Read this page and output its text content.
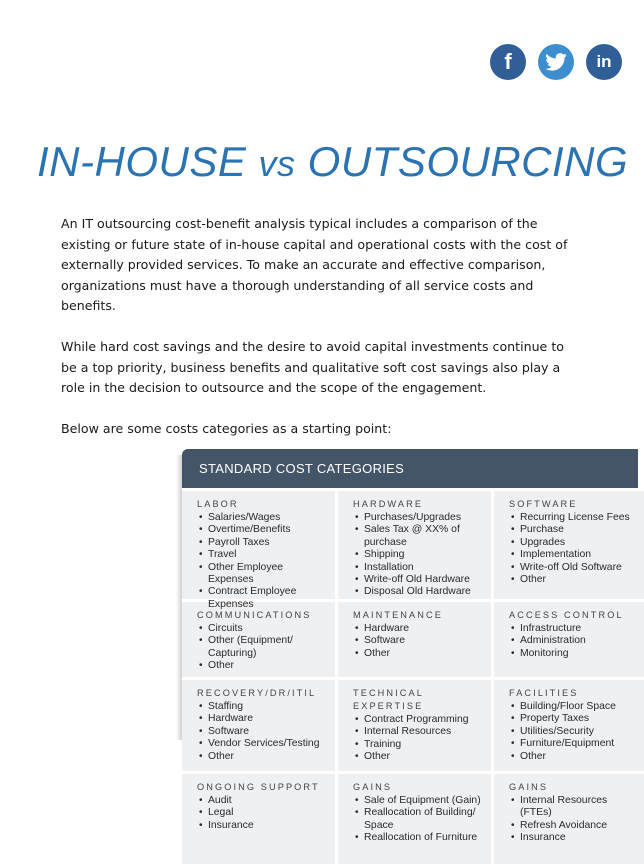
f	in
IN-HOUSE vs OUTSOURCING

An IT outsourcing cost-benefit analysis typical includes a comparison of the existing or future state of in-house capital and operational costs with the cost of externally provided services. To make an accurate and effective comparison, organizations must have a thorough understanding of all service costs and benefits.

While hard cost savings and the desire to avoid capital investments continue to be a top priority, business benefits and qualitative soft cost savings also play a role in the decision to outsource and the scope of the engagement.

Below are some costs categories as a starting point:

STANDARD COST CATEGORIES
LABOR
• Salaries/Wages
• Overtime/Benefits
• Payroll Taxes
• Travel
• Other Employee Expenses
• Contract Employee Expenses
HARDWARE
• Purchases/Upgrades
• Sales Tax @ XX% of purchase
• Shipping
• Installation
• Write-off Old Hardware
• Disposal Old Hardware
SOFTWARE
• Recurring License Fees
• Purchase
• Upgrades
• Implementation
• Write-off Old Software
• Other
COMMUNICATIONS
• Circuits
• Other (Equipment/ Capturing)
• Other
MAINTENANCE
• Hardware
• Software
• Other
ACCESS CONTROL
• Infrastructure
• Administration
• Monitoring
RECOVERY/DR/ITIL
• Staffing
• Hardware
• Software
• Vendor Services/Testing
• Other
TECHNICAL EXPERTISE
• Contract Programming
• Internal Resources
• Training
• Other
FACILITIES
• Building/Floor Space
• Property Taxes
• Utilities/Security
• Furniture/Equipment
• Other
ONGOING SUPPORT
• Audit
• Legal
• Insurance
GAINS
• Sale of Equipment (Gain)
• Reallocation of Building/ Space
• Reallocation of Furniture
GAINS
• Internal Resources (FTEs)
• Refresh Avoidance
• Insurance
